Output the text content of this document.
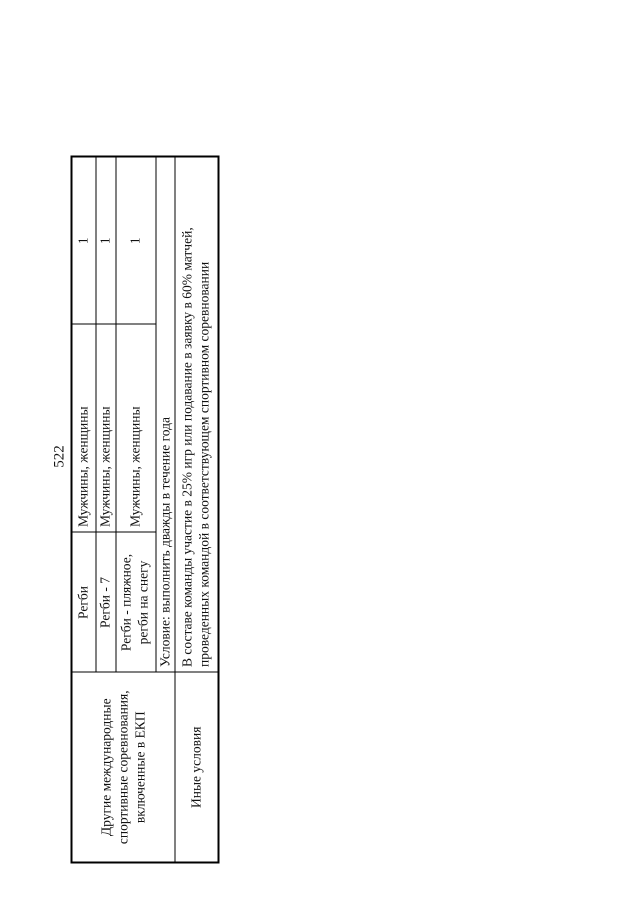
522
Другие международные спортивные соревнования, включенные в ЕКП	Регби	Мужчины, женщины	1
	Регби - 7	Мужчины, женщины	1
	Регби - пляжное, регби на снегу	Мужчины, женщины	1
	Условие: выполнить дважды в течение года		
Иные условия	В составе команды участие в 25% игр или подавание в заявку в 60% матчей, проведенных командой в соответствующем спортивном соревновании		
